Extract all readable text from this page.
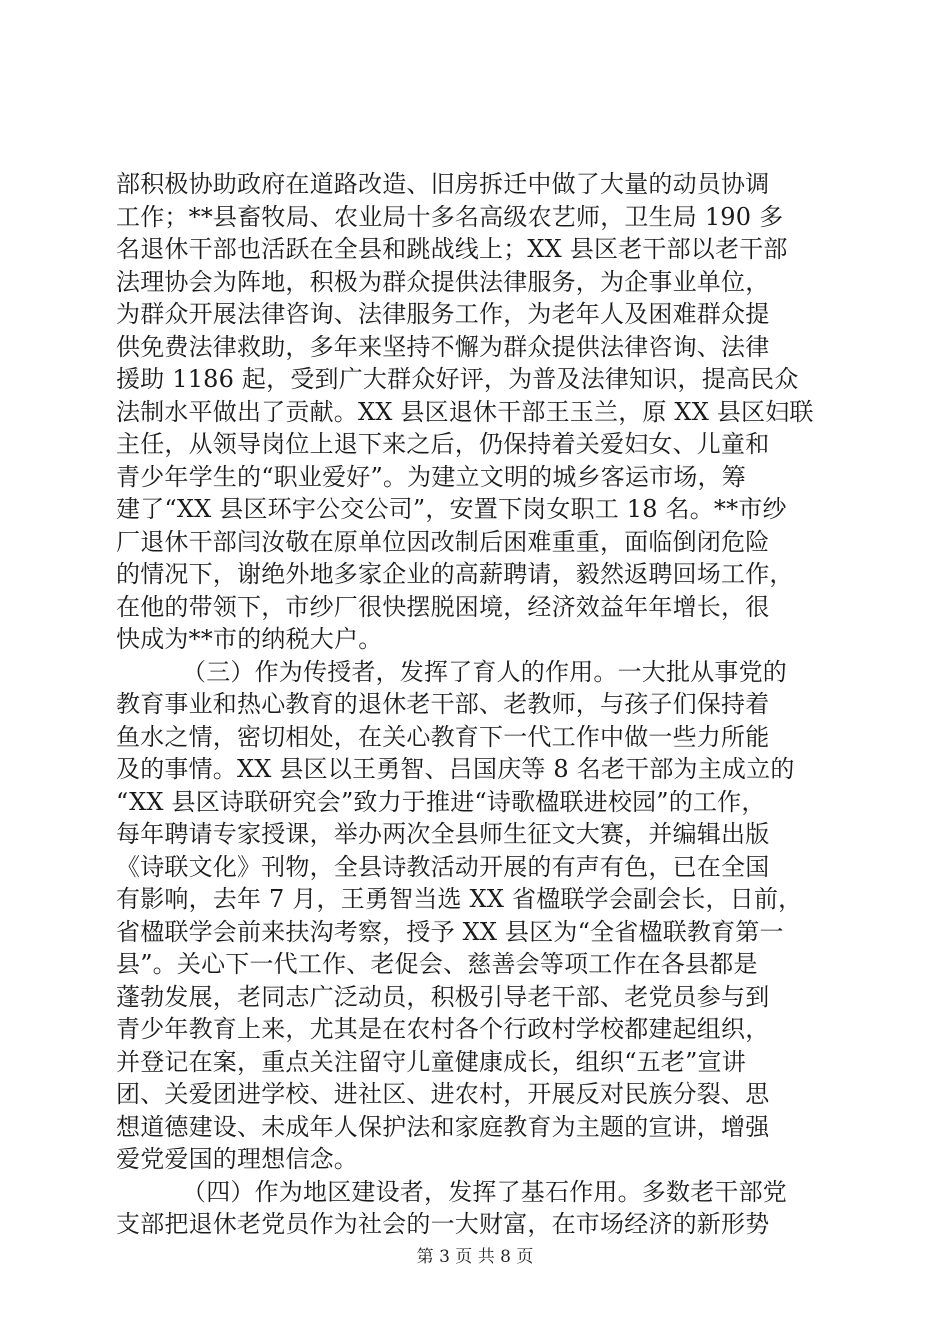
部积极协助政府在道路改造、旧房拆迁中做了大量的动员协调
工作；**县畜牧局、农业局十多名高级农艺师，卫生局 190 多
名退休干部也活跃在全县和跳战线上；XX 县区老干部以老干部
法理协会为阵地，积极为群众提供法律服务，为企事业单位，
为群众开展法律咨询、法律服务工作，为老年人及困难群众提
供免费法律救助，多年来坚持不懈为群众提供法律咨询、法律
援助 1186 起，受到广大群众好评，为普及法律知识，提高民众
法制水平做出了贡献。XX 县区退休干部王玉兰，原 XX 县区妇联
主任，从领导岗位上退下来之后，仍保持着关爱妇女、儿童和
青少年学生的“职业爱好”。为建立文明的城乡客运市场，筹
建了“XX 县区环宇公交公司”，安置下岗女职工 18 名。**市纱
厂退休干部闫汝敬在原单位因改制后困难重重，面临倒闭危险
的情况下，谢绝外地多家企业的高薪聘请，毅然返聘回场工作，
在他的带领下，市纱厂很快摆脱困境，经济效益年年增长，很
快成为**市的纳税大户。
（三）作为传授者，发挥了育人的作用。一大批从事党的
教育事业和热心教育的退休老干部、老教师，与孩子们保持着
鱼水之情，密切相处，在关心教育下一代工作中做一些力所能
及的事情。XX 县区以王勇智、吕国庆等 8 名老干部为主成立的
“XX 县区诗联研究会”致力于推进“诗歌楹联进校园”的工作，
每年聘请专家授课，举办两次全县师生征文大赛，并编辑出版
《诗联文化》刊物，全县诗教活动开展的有声有色，已在全国
有影响，去年 7 月，王勇智当选 XX 省楹联学会副会长，日前，
省楹联学会前来扶沟考察，授予 XX 县区为“全省楹联教育第一
县”。关心下一代工作、老促会、慈善会等项工作在各县都是
蓬勃发展，老同志广泛动员，积极引导老干部、老党员参与到
青少年教育上来，尤其是在农村各个行政村学校都建起组织，
并登记在案，重点关注留守儿童健康成长，组织“五老”宣讲
团、关爱团进学校、进社区、进农村，开展反对民族分裂、思
想道德建设、未成年人保护法和家庭教育为主题的宣讲，增强
爱党爱国的理想信念。
（四）作为地区建设者，发挥了基石作用。多数老干部党
支部把退休老党员作为社会的一大财富，在市场经济的新形势
第 3 页 共 8 页
